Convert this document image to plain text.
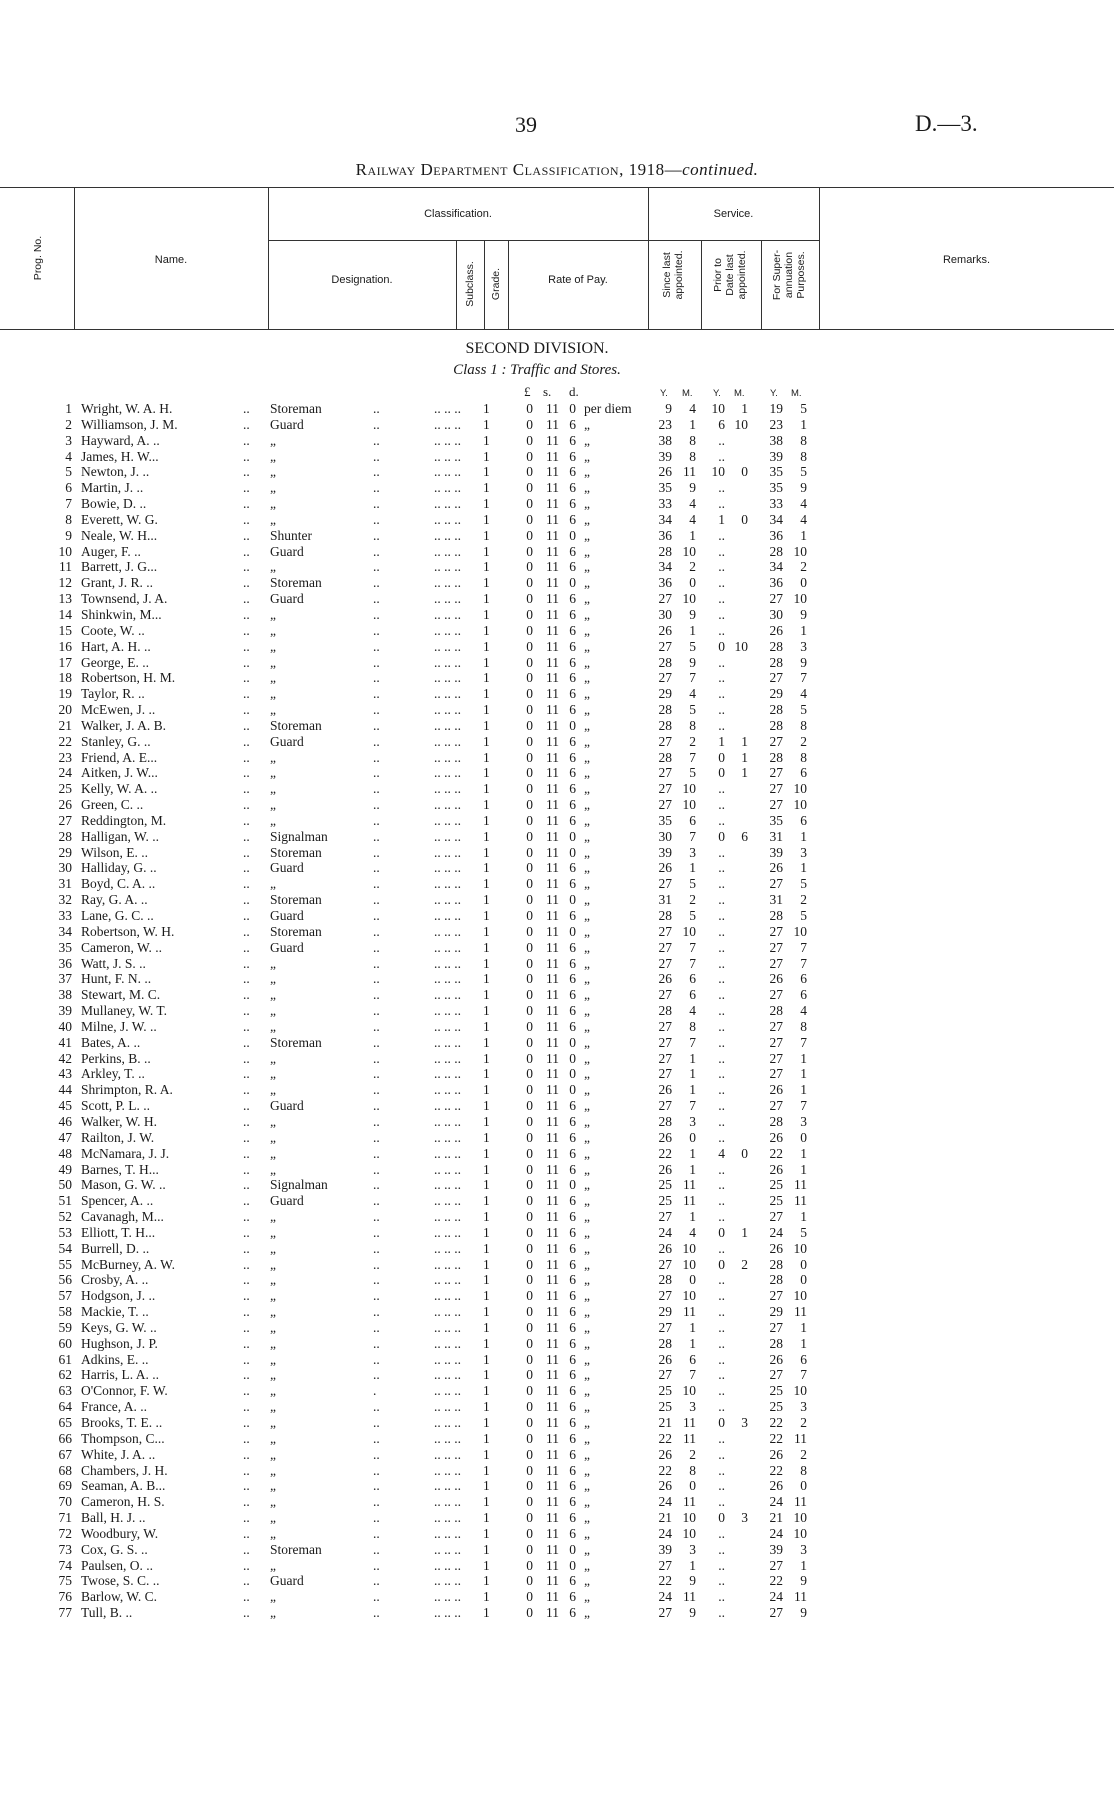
39	D.—3.
Railway Department Classification, 1918—continued.
Prog. No.	Name.
Classification.
Designation.	Subclass. Grade.	Rate of Pay.
Service.
Since last
appointed.	Prior to
Date last
appointed. For Super-
annuation
Purposes.	Remarks.
SECOND DIVISION.
Class 1 : Traffic and Stores.
£ s. d.	Y. M. Y. M.	Y. M.
1 Wright, W. A. H.	.. Storeman	..	.. .. .. 1	0 11 0 per diem	9	4	10	1	19	5
2 Williamson, J. M.	.. Guard	..	.. .. .. 1	0 11 6 „	23	1	6 10	23	1
3 Hayward, A. ..	.. „	..	.. .. .. 1	0 11 6 „	38	8	..	38	8
4 James, H. W...	.. „	..	.. .. .. 1	0 11 6 „	39	8	..	39	8
5 Newton, J. ..	.. „	..	.. .. .. 1	0 11 6 „	26 11	10	0	35	5
6 Martin, J. ..	.. „	..	.. .. .. 1	0 11 6 „	35	9	..	35	9
7 Bowie, D. ..	.. „	..	.. .. .. 1	0 11 6 „	33	4	..	33	4
8 Everett, W. G.	.. „	..	.. .. .. 1	0 11 6 „	34	4	1	0	34	4
9 Neale, W. H...	.. Shunter	..	.. .. .. 1	0 11 0 „	36	1	..	36	1
10 Auger, F. ..	.. Guard	..	.. .. .. 1	0 11 6 „	28 10	..	28 10
11 Barrett, J. G...	.. „	..	.. .. .. 1	0 11 6 „	34	2	..	34	2
12 Grant, J. R. ..	.. Storeman	..	.. .. .. 1	0 11 0 „	36	0	..	36	0
13 Townsend, J. A.	.. Guard	..	.. .. .. 1	0 11 6 „	27 10	..	27 10
14 Shinkwin, M...	.. „	..	.. .. .. 1	0 11 6 „	30	9	..	30	9
15 Coote, W. ..	.. „	..	.. .. .. 1	0 11 6 „	26	1	..	26	1
16 Hart, A. H. ..	.. „	..	.. .. .. 1	0 11 6 „	27	5	0 10	28	3
17 George, E. ..	.. „	..	.. .. .. 1	0 11 6 „	28	9	..	28	9
18 Robertson, H. M.	.. „	..	.. .. .. 1	0 11 6 „	27	7	..	27	7
19 Taylor, R. ..	.. „	..	.. .. .. 1	0 11 6 „	29	4	..	29	4
20 McEwen, J. ..	.. „	..	.. .. .. 1	0 11 6 „	28	5	..	28	5
21 Walker, J. A. B.	.. Storeman	..	.. .. .. 1	0 11 0 „	28	8	..	28	8
22 Stanley, G. ..	.. Guard	..	.. .. .. 1	0 11 6 „	27	2	1	1	27	2
23 Friend, A. E...	.. „	..	.. .. .. 1	0 11 6 „	28	7	0	1	28	8
24 Aitken, J. W...	.. „	..	.. .. .. 1	0 11 6 „	27	5	0	1	27	6
25 Kelly, W. A. ..	.. „	..	.. .. .. 1	0 11 6 „	27 10	..	27 10
26 Green, C. ..	.. „	..	.. .. .. 1	0 11 6 „	27 10	..	27 10
27 Reddington, M.	.. „	..	.. .. .. 1	0 11 6 „	35	6	..	35	6
28 Halligan, W. ..	.. Signalman	..	.. .. .. 1	0 11 0 „	30	7	0	6	31	1
29 Wilson, E. ..	.. Storeman	..	.. .. .. 1	0 11 0 „	39	3	..	39	3
30 Halliday, G. ..	.. Guard	..	.. .. .. 1	0 11 6 „	26	1	..	26	1
31 Boyd, C. A. ..	.. „	..	.. .. .. 1	0 11 6 „	27	5	..	27	5
32 Ray, G. A. ..	.. Storeman	..	.. .. .. 1	0 11 0 „	31	2	..	31	2
33 Lane, G. C. ..	.. Guard	..	.. .. .. 1	0 11 6 „	28	5	..	28	5
34 Robertson, W. H.	.. Storeman	..	.. .. .. 1	0 11 0 „	27 10	..	27 10
35 Cameron, W. ..	.. Guard	..	.. .. .. 1	0 11 6 „	27	7	..	27	7
36 Watt, J. S. ..	.. „	..	.. .. .. 1	0 11 6 „	27	7	..	27	7
37 Hunt, F. N. ..	.. „	..	.. .. .. 1	0 11 6 „	26	6	..	26	6
38 Stewart, M. C.	.. „	..	.. .. .. 1	0 11 6 „	27	6	..	27	6
39 Mullaney, W. T.	.. „	..	.. .. .. 1	0 11 6 „	28	4	..	28	4
40 Milne, J. W. ..	.. „	..	.. .. .. 1	0 11 6 „	27	8	..	27	8
41 Bates, A. ..	.. Storeman	..	.. .. .. 1	0 11 0 „	27	7	..	27	7
42 Perkins, B. ..	.. „	..	.. .. .. 1	0 11 0 „	27	1	..	27	1
43 Arkley, T. ..	.. „	..	.. .. .. 1	0 11 0 „	27	1	..	27	1
44 Shrimpton, R. A.	.. „	..	.. .. .. 1	0 11 0 „	26	1	..	26	1
45 Scott, P. L. ..	.. Guard	..	.. .. .. 1	0 11 6 „	27	7	..	27	7
46 Walker, W. H.	.. „	..	.. .. .. 1	0 11 6 „	28	3	..	28	3
47 Railton, J. W.	.. „	..	.. .. .. 1	0 11 6 „	26	0	..	26	0
48 McNamara, J. J.	.. „	..	.. .. .. 1	0 11 6 „	22	1	4	0	22	1
49 Barnes, T. H...	.. „	..	.. .. .. 1	0 11 6 „	26	1	..	26	1
50 Mason, G. W. ..	.. Signalman	..	.. .. .. 1	0 11 0 „	25 11	..	25 11
51 Spencer, A. ..	.. Guard	..	.. .. .. 1	0 11 6 „	25 11	..	25 11
52 Cavanagh, M...	.. „	..	.. .. .. 1	0 11 6 „	27	1	..	27	1
53 Elliott, T. H...	.. „	..	.. .. .. 1	0 11 6 „	24	4	0	1	24	5
54 Burrell, D. ..	.. „	..	.. .. .. 1	0 11 6 „	26 10	..	26 10
55 McBurney, A. W.	.. „	..	.. .. .. 1	0 11 6 „	27 10	0	2	28	0
56 Crosby, A. ..	.. „	..	.. .. .. 1	0 11 6 „	28	0	..	28	0
57 Hodgson, J. ..	.. „	..	.. .. .. 1	0 11 6 „	27 10	..	27 10
58 Mackie, T. ..	.. „	..	.. .. .. 1	0 11 6 „	29 11	..	29 11
59 Keys, G. W. ..	.. „	..	.. .. .. 1	0 11 6 „	27	1	..	27	1
60 Hughson, J. P.	.. „	..	.. .. .. 1	0 11 6 „	28	1	..	28	1
61 Adkins, E. ..	.. „	..	.. .. .. 1	0 11 6 „	26	6	..	26	6
62 Harris, L. A. ..	.. „	..	.. .. .. 1	0 11 6 „	27	7	..	27	7
63 O'Connor, F. W.	.. „	.	.. .. .. 1	0 11 6 „	25 10	..	25 10
64 France, A. ..	.. „	..	.. .. .. 1	0 11 6 „	25	3	..	25	3
65 Brooks, T. E. ..	.. „	..	.. .. .. 1	0 11 6 „	21 11	0	3	22	2
66 Thompson, C...	.. „	..	.. .. .. 1	0 11 6 „	22 11	..	22 11
67 White, J. A. ..	.. „	..	.. .. .. 1	0 11 6 „	26	2	..	26	2
68 Chambers, J. H.	.. „	..	.. .. .. 1	0 11 6 „	22	8	..	22	8
69 Seaman, A. B...	.. „	..	.. .. .. 1	0 11 6 „	26	0	..	26	0
70 Cameron, H. S.	.. „	..	.. .. .. 1	0 11 6 „	24 11	..	24 11
71 Ball, H. J. ..	.. „	..	.. .. .. 1	0 11 6 „	21 10	0	3	21 10
72 Woodbury, W.	.. „	..	.. .. .. 1	0 11 6 „	24 10	..	24 10
73 Cox, G. S. ..	.. Storeman	..	.. .. .. 1	0 11 0 „	39	3	..	39	3
74 Paulsen, O. ..	.. „	..	.. .. .. 1	0 11 0 „	27	1	..	27	1
75 Twose, S. C. ..	.. Guard	..	.. .. .. 1	0 11 6 „	22	9	..	22	9
76 Barlow, W. C.	.. „	..	.. .. .. 1	0 11 6 „	24 11	..	24 11
77 Tull, B. ..	.. „	..	.. .. .. 1	0 11 6 „	27	9	..	27	9
